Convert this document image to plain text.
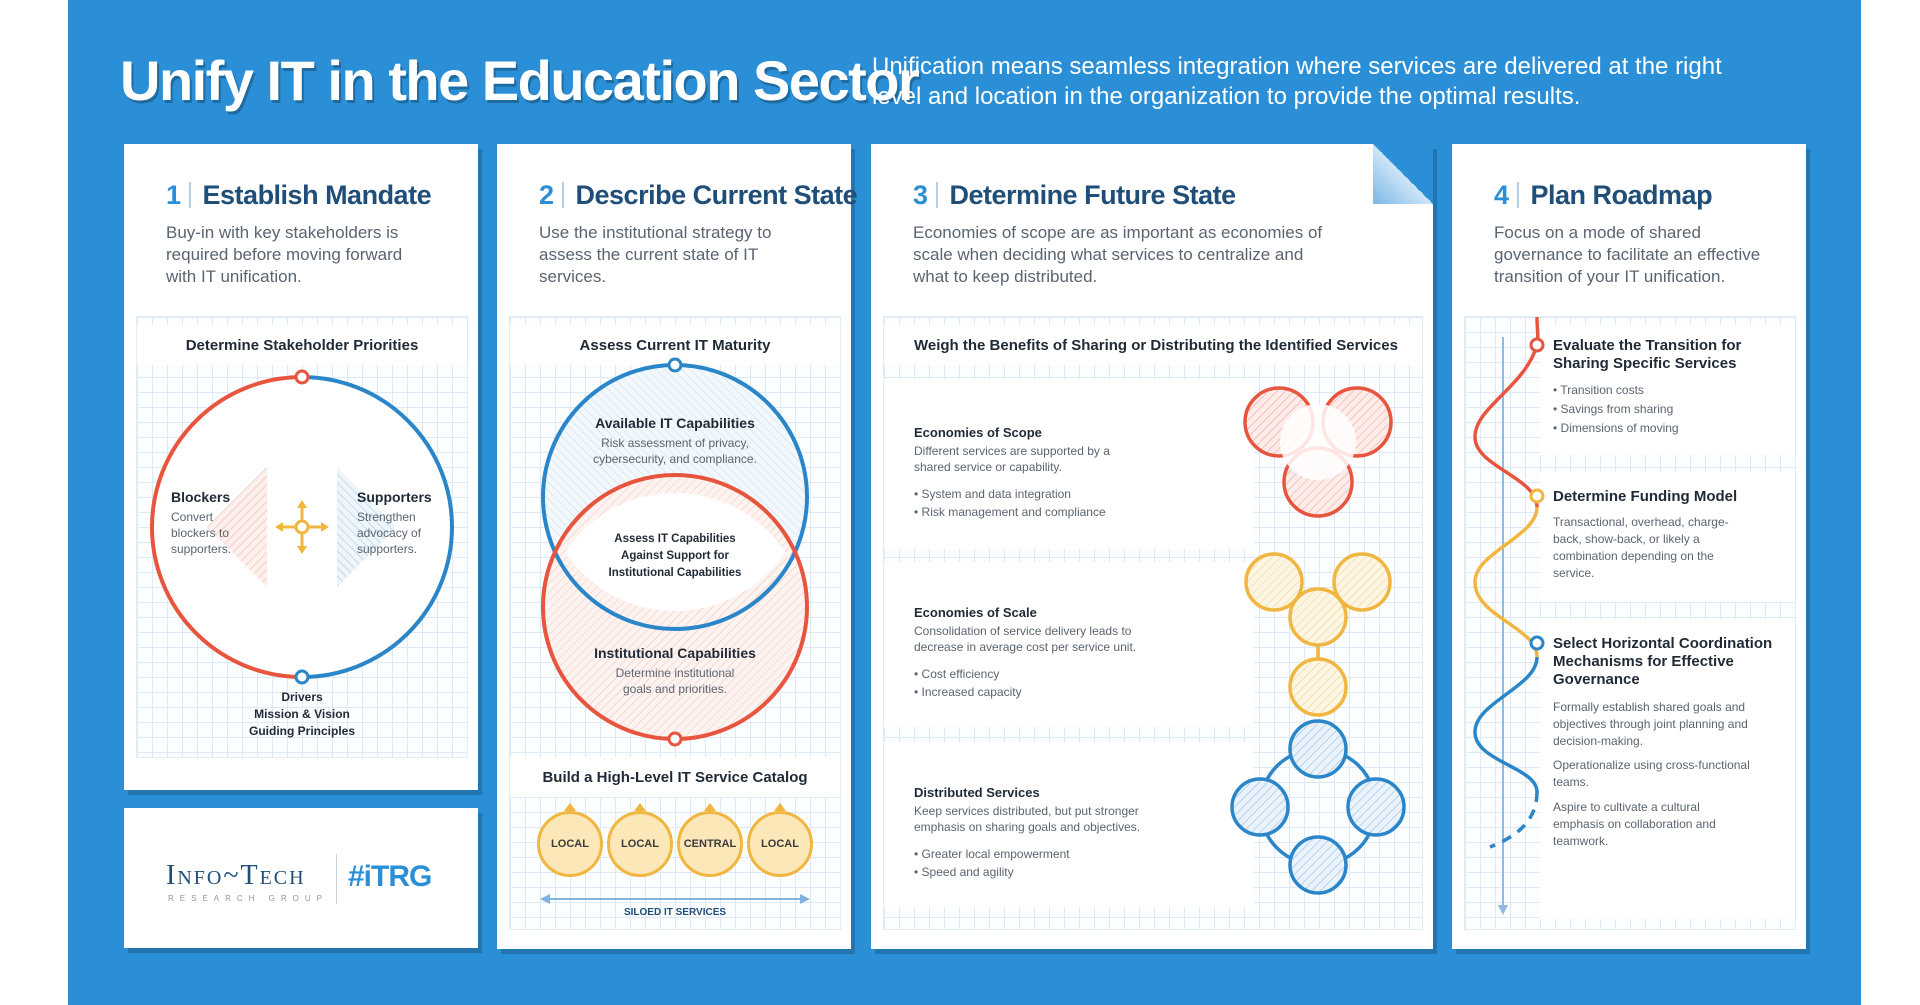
Unify IT in the Education Sector
Unification means seamless integration where services are delivered at the right level and location in the organization to provide the optimal results.
1 Establish Mandate
Buy-in with key stakeholders is required before moving forward with IT unification.
Determine Stakeholder Priorities
Blockers
Convert blockers to supporters.
Supporters
Strengthen advocacy of supporters.
Drivers
Mission & Vision
Guiding Principles
Info~Tech
RESEARCH GROUP
#iTRG
2 Describe Current State
Use the institutional strategy to assess the current state of IT services.
Assess Current IT Maturity
Available IT Capabilities
Risk assessment of privacy, cybersecurity, and compliance.
Assess IT Capabilities Against Support for Institutional Capabilities
Institutional Capabilities
Determine institutional goals and priorities.
Build a High-Level IT Service Catalog
LOCAL	LOCAL	CENTRAL	LOCAL
SILOED IT SERVICES
3 Determine Future State
Economies of scope are as important as economies of scale when deciding what services to centralize and what to keep distributed.
Weigh the Benefits of Sharing or Distributing the Identified Services
Economies of Scope
Different services are supported by a shared service or capability.
• System and data integration
• Risk management and compliance
Economies of Scale
Consolidation of service delivery leads to decrease in average cost per service unit.
• Cost efficiency
• Increased capacity
Distributed Services
Keep services distributed, but put stronger emphasis on sharing goals and objectives.
• Greater local empowerment
• Speed and agility
4 Plan Roadmap
Focus on a mode of shared governance to facilitate an effective transition of your IT unification.
Evaluate the Transition for Sharing Specific Services
• Transition costs
• Savings from sharing
• Dimensions of moving
Determine Funding Model
Transactional, overhead, charge-back, show-back, or likely a combination depending on the service.
Select Horizontal Coordination Mechanisms for Effective Governance
Formally establish shared goals and objectives through joint planning and decision-making.
Operationalize using cross-functional teams.
Aspire to cultivate a cultural emphasis on collaboration and teamwork.
